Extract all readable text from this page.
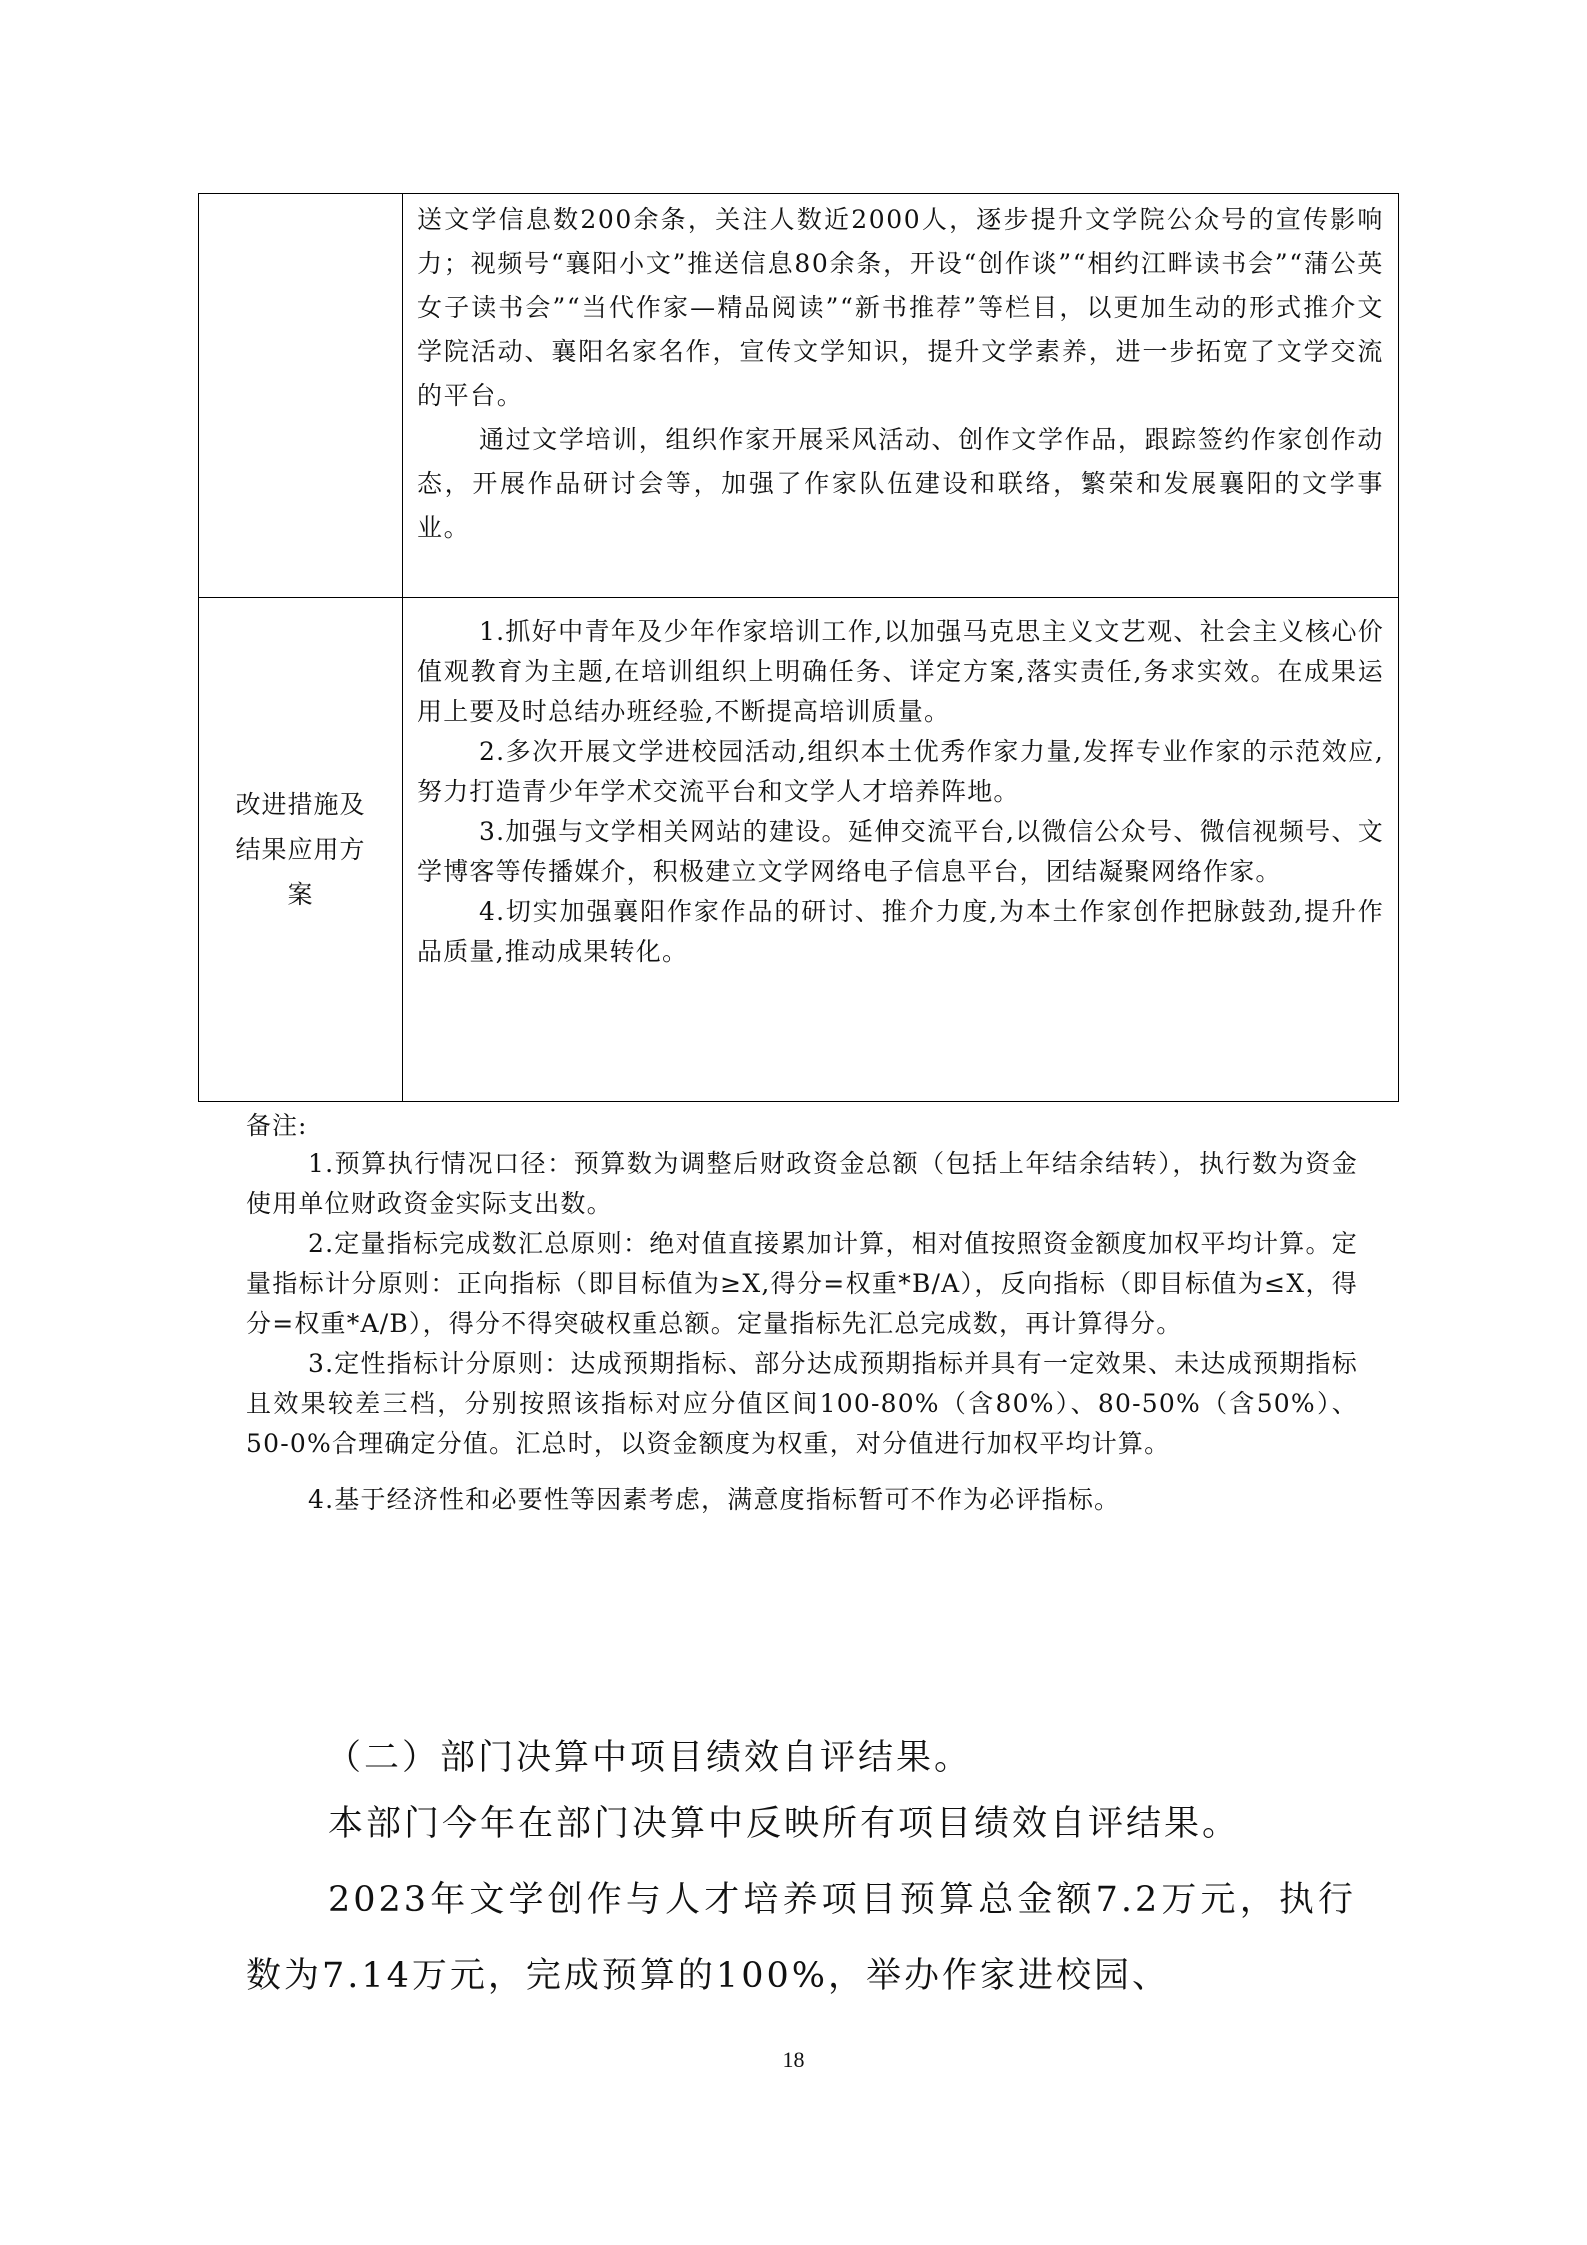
	送文学信息数200余条，关注人数近2000人，逐步提升文学院公众号的宣传影响力；视频号“襄阳小文”推送信息80余条，开设“创作谈”“相约江畔读书会”“蒲公英女子读书会”“当代作家—精品阅读”“新书推荐”等栏目，以更加生动的形式推介文学院活动、襄阳名家名作，宣传文学知识，提升文学素养，进一步拓宽了文学交流的平台。

通过文学培训，组织作家开展采风活动、创作文学作品，跟踪签约作家创作动态，开展作品研讨会等，加强了作家队伍建设和联络，繁荣和发展襄阳的文学事业。

改进措施及结果应用方案	1.抓好中青年及少年作家培训工作,以加强马克思主义文艺观、社会主义核心价值观教育为主题,在培训组织上明确任务、详定方案,落实责任,务求实效。在成果运用上要及时总结办班经验,不断提高培训质量。

2.多次开展文学进校园活动,组织本土优秀作家力量,发挥专业作家的示范效应,努力打造青少年学术交流平台和文学人才培养阵地。

3.加强与文学相关网站的建设。延伸交流平台,以微信公众号、微信视频号、文学博客等传播媒介，积极建立文学网络电子信息平台，团结凝聚网络作家。

4.切实加强襄阳作家作品的研讨、推介力度,为本土作家创作把脉鼓劲,提升作品质量,推动成果转化。

备注:

1.预算执行情况口径：预算数为调整后财政资金总额（包括上年结余结转），执行数为资金使用单位财政资金实际支出数。

2.定量指标完成数汇总原则：绝对值直接累加计算，相对值按照资金额度加权平均计算。定量指标计分原则：正向指标（即目标值为≥X,得分=权重*B/A），反向指标（即目标值为≤X，得分=权重*A/B），得分不得突破权重总额。定量指标先汇总完成数，再计算得分。

3.定性指标计分原则：达成预期指标、部分达成预期指标并具有一定效果、未达成预期指标且效果较差三档，分别按照该指标对应分值区间100-80%（含80%）、80-50%（含50%）、50-0%合理确定分值。汇总时，以资金额度为权重，对分值进行加权平均计算。

4.基于经济性和必要性等因素考虑，满意度指标暂可不作为必评指标。

（二）部门决算中项目绩效自评结果。

本部门今年在部门决算中反映所有项目绩效自评结果。

2023年文学创作与人才培养项目预算总金额7.2万元，执行数为7.14万元，完成预算的100%，举办作家进校园、

18
